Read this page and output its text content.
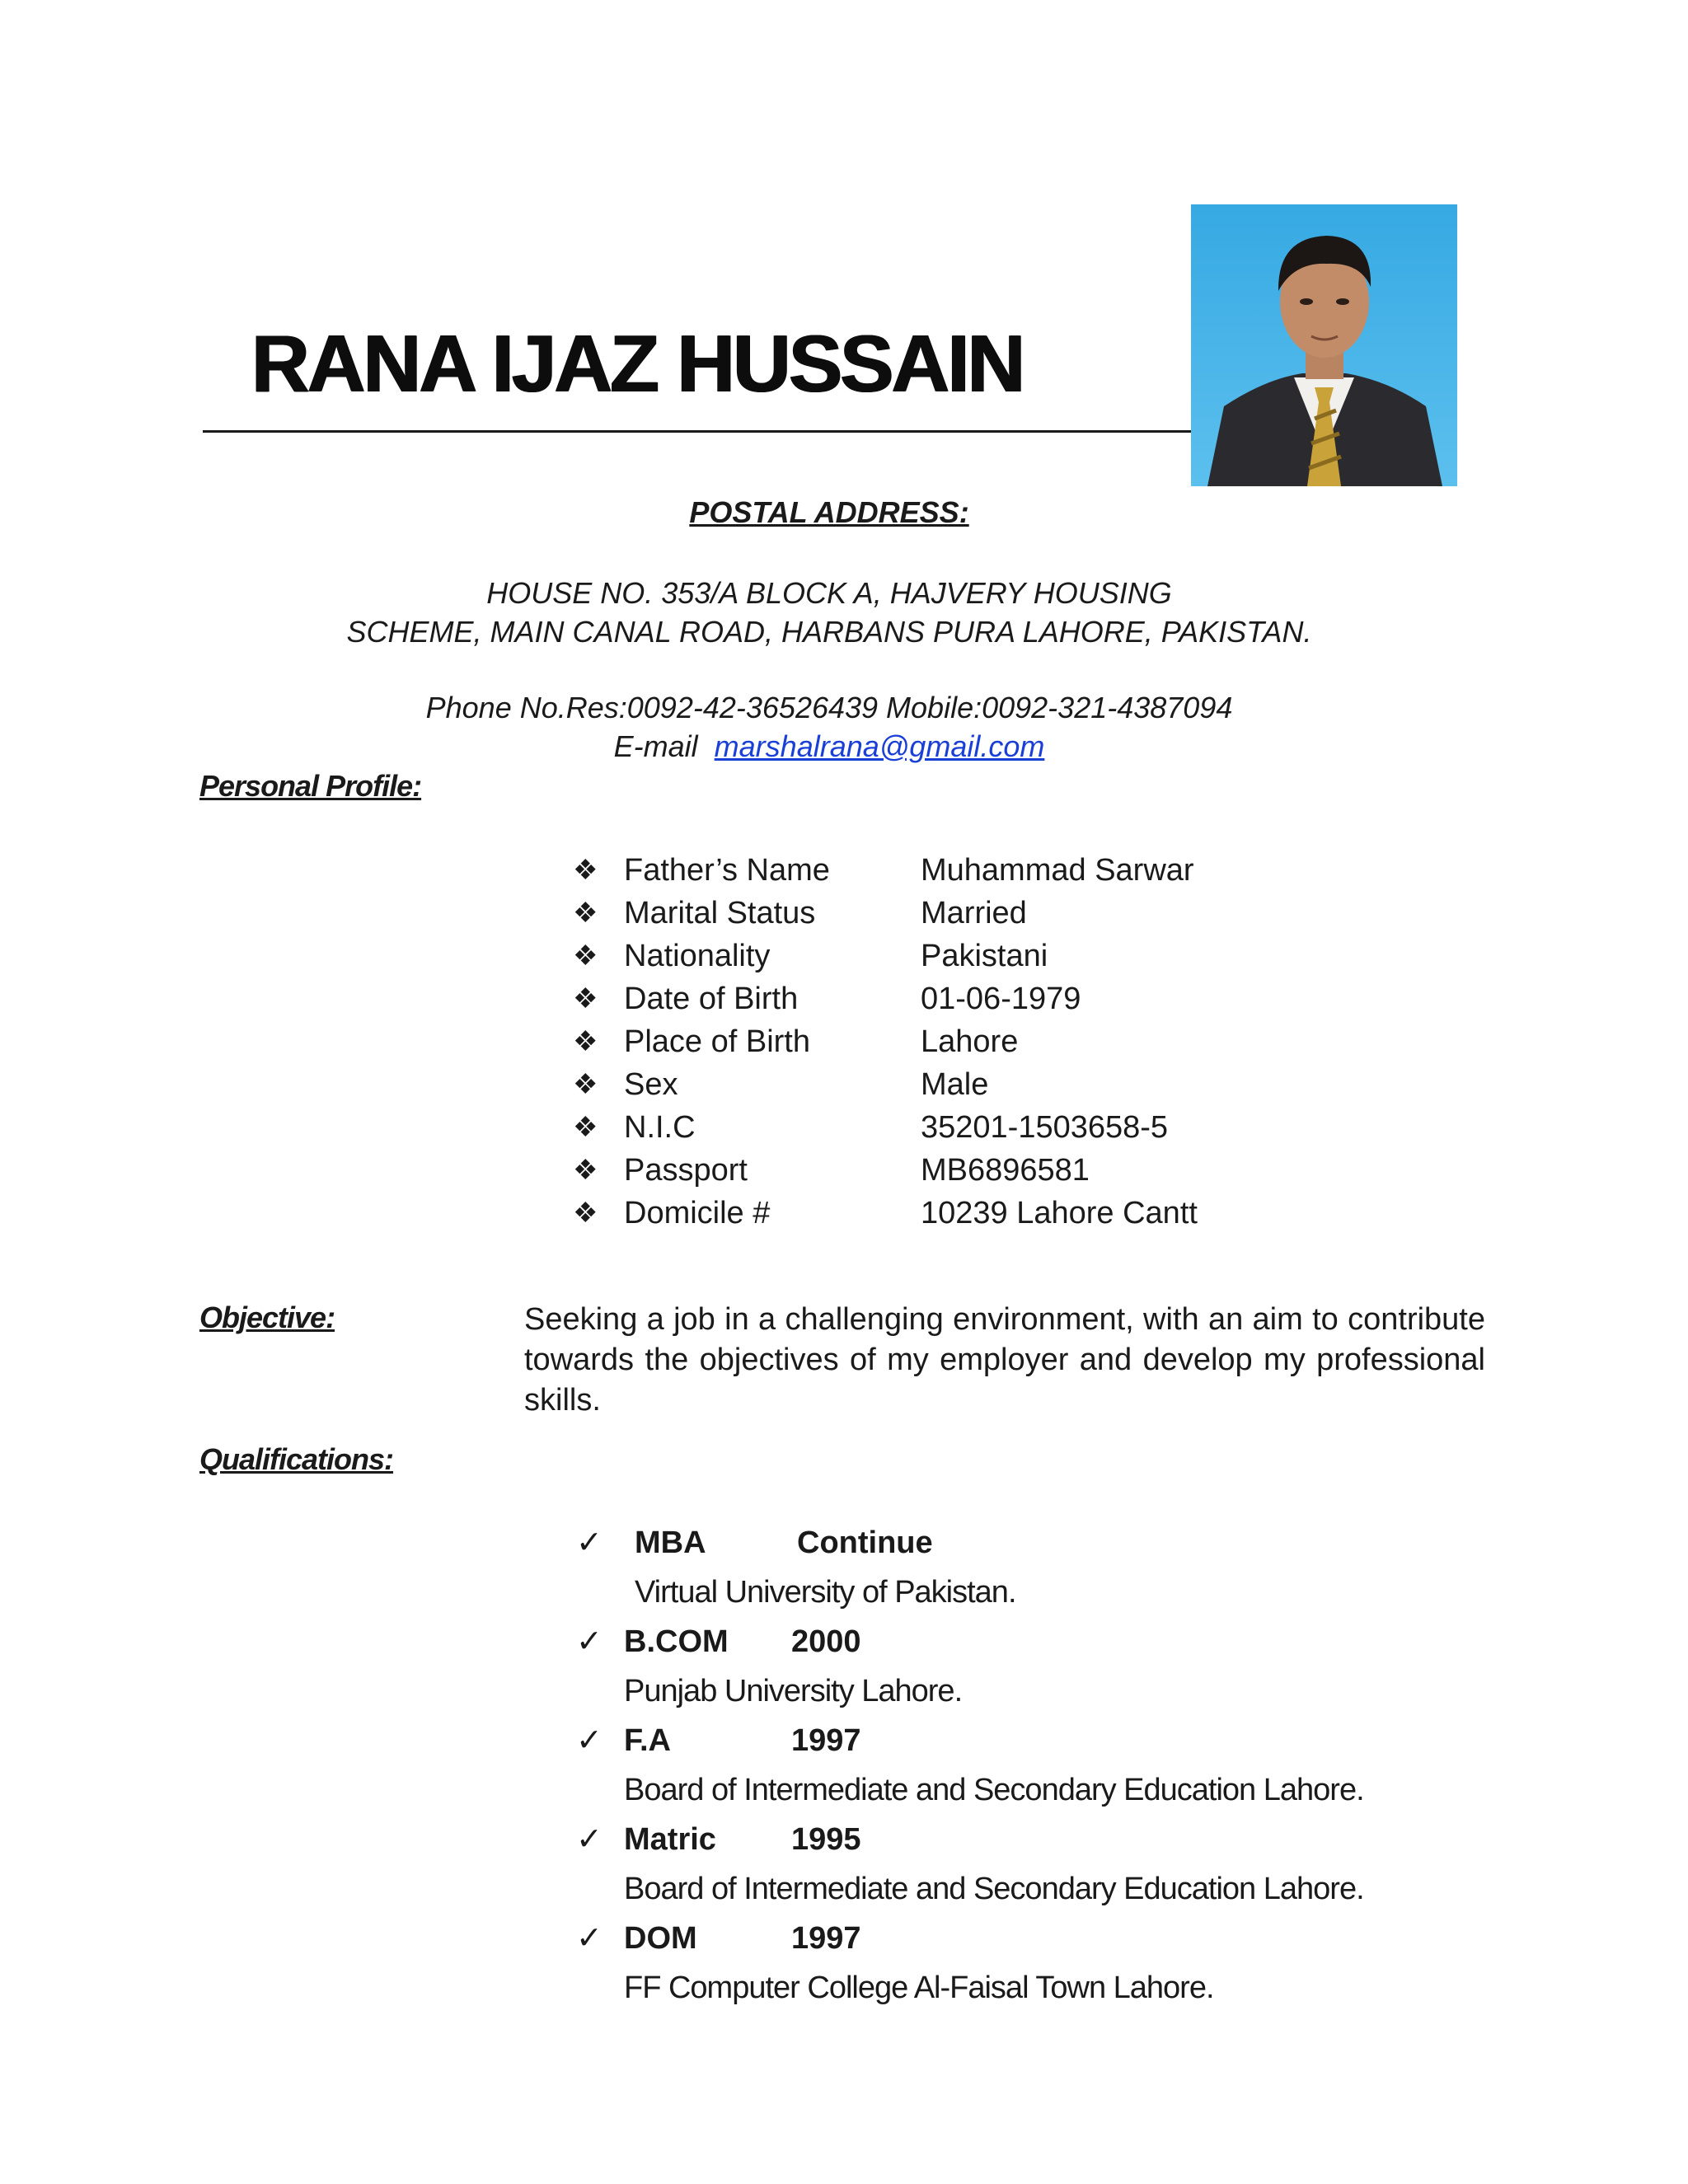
RANA IJAZ HUSSAIN
POSTAL ADDRESS:
HOUSE NO. 353/A BLOCK A, HAJVERY HOUSING
SCHEME, MAIN CANAL ROAD, HARBANS PURA LAHORE, PAKISTAN.
Phone No.Res:0092-42-36526439 Mobile:0092-321-4387094
E-mail marshalrana@gmail.com
Personal Profile:
❖ Father’s Name	Muhammad Sarwar
❖ Marital Status	Married
❖ Nationality	Pakistani
❖ Date of Birth	01-06-1979
❖ Place of Birth	Lahore
❖ Sex	Male
❖ N.I.C	35201-1503658-5
❖ Passport	MB6896581
❖ Domicile #	10239 Lahore Cantt
Objective:	Seeking a job in a challenging environment, with an aim to contribute towards the objectives of my employer and develop my professional skills.
Qualifications:
✓ MBA	Continue
Virtual University of Pakistan.
✓ B.COM 2000
Punjab University Lahore.
✓ F.A	1997
Board of Intermediate and Secondary Education Lahore.
✓ Matric 1995
Board of Intermediate and Secondary Education Lahore.
✓ DOM	1997
FF Computer College Al-Faisal Town Lahore.
